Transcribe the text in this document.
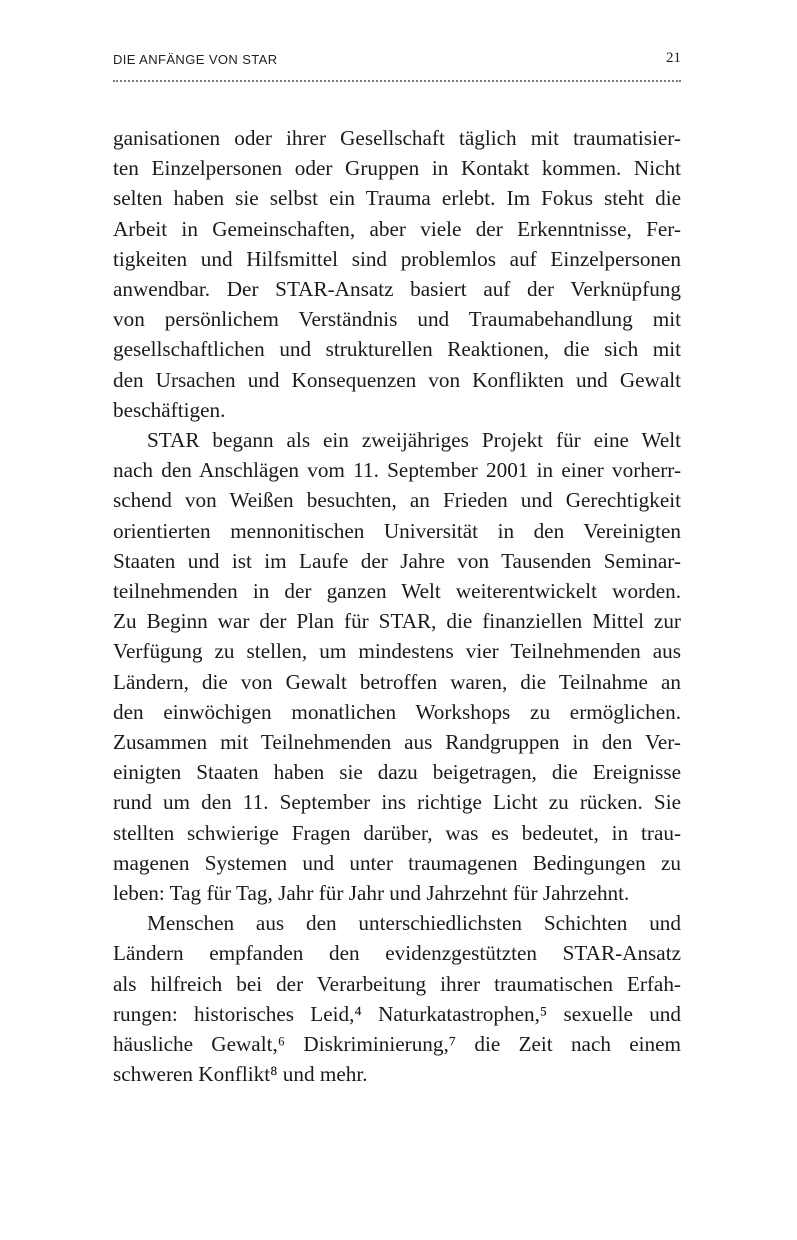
DIE ANFÄNGE VON STAR	21
ganisationen oder ihrer Gesellschaft täglich mit traumatisier-
ten Einzelpersonen oder Gruppen in Kontakt kommen. Nicht
selten haben sie selbst ein Trauma erlebt. Im Fokus steht die
Arbeit in Gemeinschaften, aber viele der Erkenntnisse, Fer-
tigkeiten und Hilfsmittel sind problemlos auf Einzelpersonen
anwendbar. Der STAR-Ansatz basiert auf der Verknüpfung
von persönlichem Verständnis und Traumabehandlung mit
gesellschaftlichen und strukturellen Reaktionen, die sich mit
den Ursachen und Konsequenzen von Konflikten und Gewalt
beschäftigen.
STAR begann als ein zweijähriges Projekt für eine Welt
nach den Anschlägen vom 11. September 2001 in einer vorherr-
schend von Weißen besuchten, an Frieden und Gerechtigkeit
orientierten mennonitischen Universität in den Vereinigten
Staaten und ist im Laufe der Jahre von Tausenden Seminar-
teilnehmenden in der ganzen Welt weiterentwickelt worden.
Zu Beginn war der Plan für STAR, die finanziellen Mittel zur
Verfügung zu stellen, um mindestens vier Teilnehmenden aus
Ländern, die von Gewalt betroffen waren, die Teilnahme an
den einwöchigen monatlichen Workshops zu ermöglichen.
Zusammen mit Teilnehmenden aus Randgruppen in den Ver-
einigten Staaten haben sie dazu beigetragen, die Ereignisse
rund um den 11. September ins richtige Licht zu rücken. Sie
stellten schwierige Fragen darüber, was es bedeutet, in trau-
magenen Systemen und unter traumagenen Bedingungen zu
leben: Tag für Tag, Jahr für Jahr und Jahrzehnt für Jahrzehnt.
Menschen aus den unterschiedlichsten Schichten und
Ländern empfanden den evidenzgestützten STAR-Ansatz
als hilfreich bei der Verarbeitung ihrer traumatischen Erfah-
rungen: historisches Leid,⁴ Naturkatastrophen,⁵ sexuelle und
häusliche Gewalt,⁶ Diskriminierung,⁷ die Zeit nach einem
schweren Konflikt⁸ und mehr.
